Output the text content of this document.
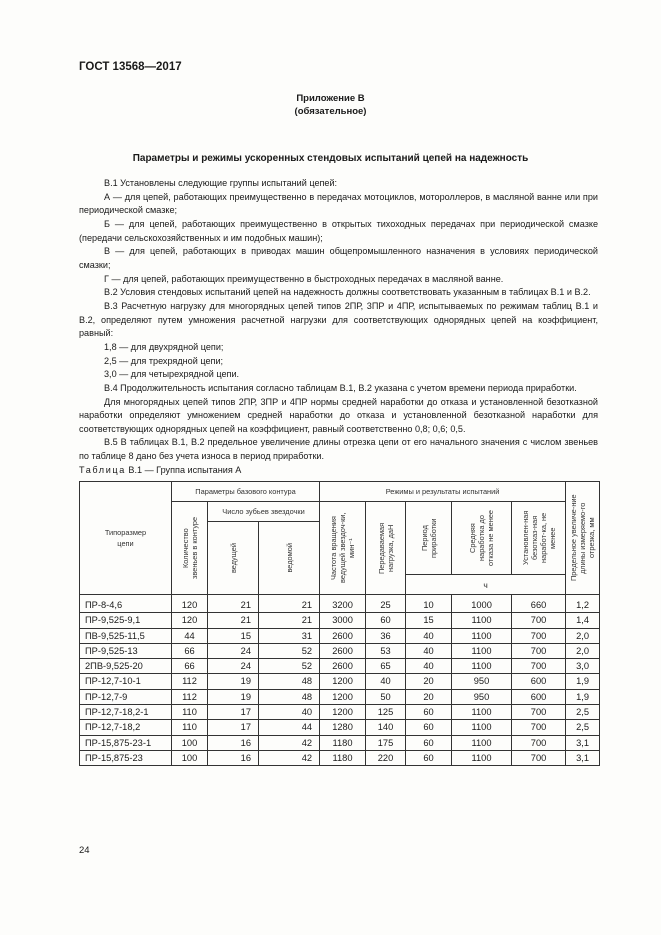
ГОСТ 13568—2017
Приложение В
(обязательное)
Параметры и режимы ускоренных стендовых испытаний цепей на надежность

В.1 Установлены следующие группы испытаний цепей:

А — для цепей, работающих преимущественно в передачах мотоциклов, мотороллеров, в масляной ванне или при периодической смазке;

Б — для цепей, работающих преимущественно в открытых тихоходных передачах при периодической смазке (передачи сельскохозяйственных и им подобных машин);

В — для цепей, работающих в приводах машин общепромышленного назначения в условиях периодической смазки;

Г — для цепей, работающих преимущественно в быстроходных передачах в масляной ванне.

В.2 Условия стендовых испытаний цепей на надежность должны соответствовать указанным в таблицах В.1 и В.2.

В.3 Расчетную нагрузку для многорядных цепей типов 2ПР, 3ПР и 4ПР, испытываемых по режимам таблиц В.1 и В.2, определяют путем умножения расчетной нагрузки для соответствующих однорядных цепей на коэффициент, равный:

1,8 — для двухрядной цепи;

2,5 — для трехрядной цепи;

3,0 — для четырехрядной цепи.

В.4 Продолжительность испытания согласно таблицам В.1, В.2 указана с учетом времени периода приработки.

Для многорядных цепей типов 2ПР, 3ПР и 4ПР нормы средней наработки до отказа и установленной безотказной наработки определяют умножением средней наработки до отказа и установленной безотказной наработки для соответствующих однорядных цепей на коэффициент, равный соответственно 0,8; 0,6; 0,5.

В.5 В таблицах В.1, В.2 предельное увеличение длины отрезка цепи от его начального значения с числом звеньев по таблице 8 дано без учета износа в период приработки.

Таблица В.1 — Группа испытания А
Типоразмер цепи	Параметры базового контура			Режимы и результаты испытаний					Предельное увеличе-ние длины измеряемо-го отрезка, мм

	Количество звеньев в контуре	Число зубьев звездочки		Частота вращения ведущей звездоч-ки, мин⁻¹	Передаваемая нагрузка, даН	Период приработки	Средняя наработка до отказа не менее	Установлен-ная безотказ-ная наработ-ка, не менее	

		ведущей	ведомой						

						ч			
ПР-8-4,6	120	21	21	3200	25	10	1000	660	1,2
ПР-9,525-9,1	120	21	21	3000	60	15	1100	700	1,4
ПВ-9,525-11,5	44	15	31	2600	36	40	1100	700	2,0
ПР-9,525-13	66	24	52	2600	53	40	1100	700	2,0
2ПВ-9,525-20	66	24	52	2600	65	40	1100	700	3,0
ПР-12,7-10-1	112	19	48	1200	40	20	950	600	1,9
ПР-12,7-9	112	19	48	1200	50	20	950	600	1,9
ПР-12,7-18,2-1	110	17	40	1200	125	60	1100	700	2,5
ПР-12,7-18,2	110	17	44	1280	140	60	1100	700	2,5
ПР-15,875-23-1	100	16	42	1180	175	60	1100	700	3,1
ПР-15,875-23	100	16	42	1180	220	60	1100	700	3,1
24
